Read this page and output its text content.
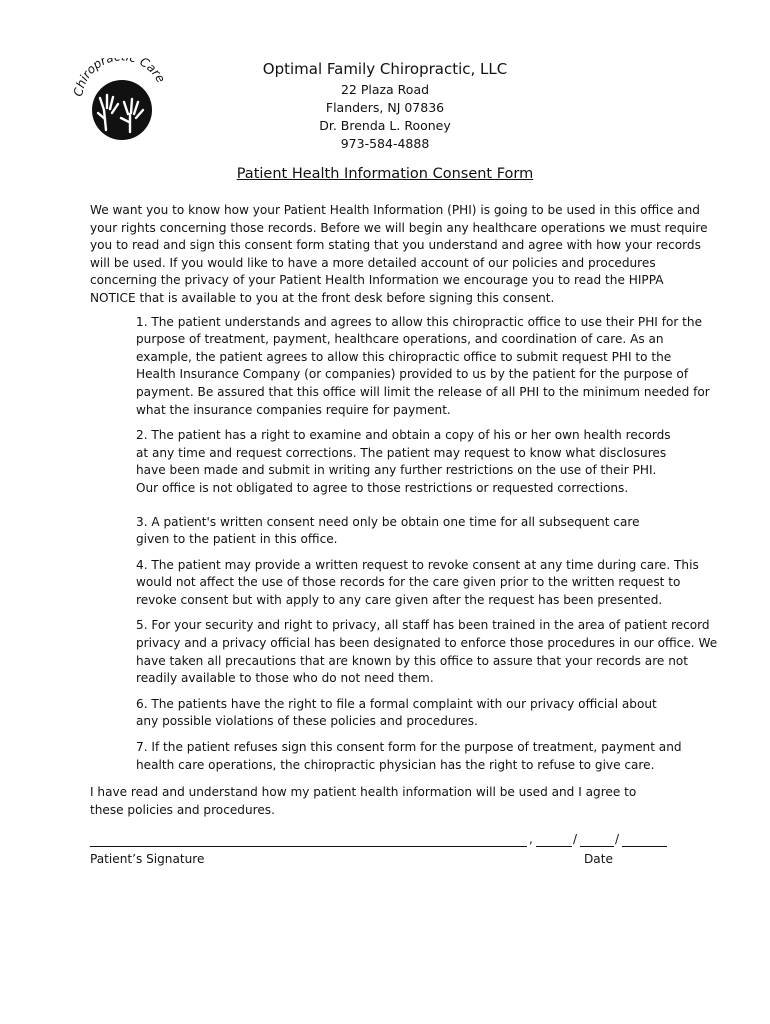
Chiropra Care

Optimal Family Chiropractic, LLC

22 Plaza Road

Flanders, NJ 07836

Dr. Brenda L. Rooney

973-584-4888

Patient Health Information Consent Form

We want you to know how your Patient Health Information (PHI) is going to be used in this office and your rights concerning those records. Before we will begin any healthcare operations we must require you to read and sign this consent form stating that you understand and agree with how your records will be used. If you would like to have a more detailed account of our policies and procedures concerning the privacy of your Patient Health Information we encourage you to read the HIPPA NOTICE that is available to you at the front desk before signing this consent.

1. The patient understands and agrees to allow this chiropractic office to use their PHI for the purpose of treatment, payment, healthcare operations, and coordination of care. As an example, the patient agrees to allow this chiropractic office to submit request PHI to the Health Insurance Company (or companies) provided to us by the patient for the purpose of payment. Be assured that this office will limit the release of all PHI to the minimum needed for what the insurance companies require for payment.
2. The patient has a right to examine and obtain a copy of his or her own health records at any time and request corrections. The patient may request to know what disclosures have been made and submit in writing any further restrictions on the use of their PHI. Our office is not obligated to agree to those restrictions or requested corrections.
3. A patient's written consent need only be obtain one time for all subsequent care given to the patient in this office.
4. The patient may provide a written request to revoke consent at any time during care. This would not affect the use of those records for the care given prior to the written request to revoke consent but with apply to any care given after the request has been presented.
5. For your security and right to privacy, all staff has been trained in the area of patient record privacy and a privacy official has been designated to enforce those procedures in our office. We have taken all precautions that are known by this office to assure that your records are not readily available to those who do not need them.
6. The patients have the right to file a formal complaint with our privacy official about any possible violations of these policies and procedures.
7. If the patient refuses sign this consent form for the purpose of treatment, payment and health care operations, the chiropractic physician has the right to refuse to give care.

I have read and understand how my patient health information will be used and I agree to these policies and procedures.

,	/	/
Patient’s Signature	Date
